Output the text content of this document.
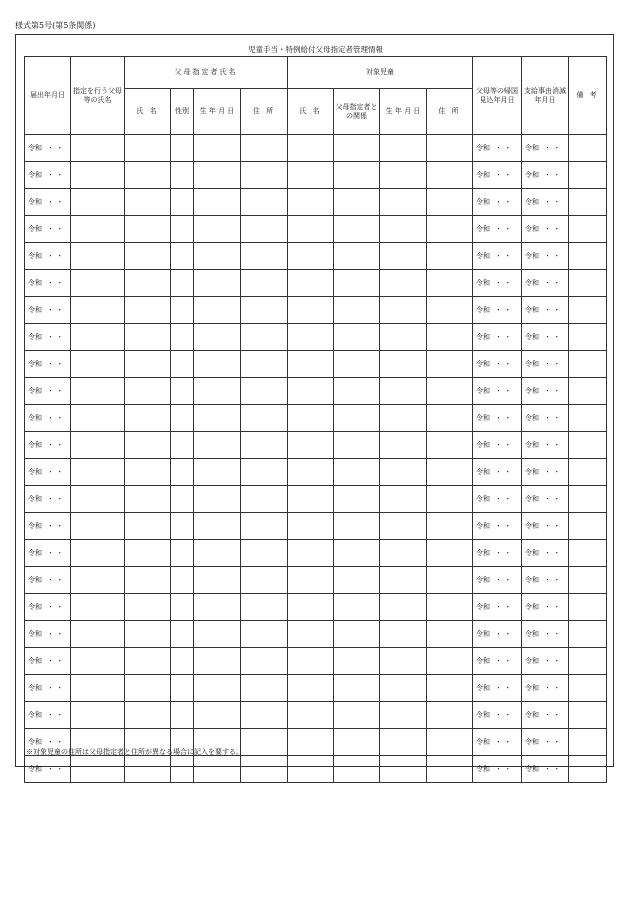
様式第5号(第5条関係)
児童手当・特例給付父母指定者管理情報												
届出年月日	指定を行う父母等の氏名	父母指定者氏名				対象児童				父母等の帰国見込年月日	支給事由消滅年月日	備 考
		氏 名	性別	生 年 月 日	住 所	氏 名	父母指定者との関係	生 年 月 日	住 所			

令和 ・ ・										令和 ・ ・	令和 ・ ・	
令和 ・ ・										令和 ・ ・	令和 ・ ・	
令和 ・ ・										令和 ・ ・	令和 ・ ・	
令和 ・ ・										令和 ・ ・	令和 ・ ・	
令和 ・ ・										令和 ・ ・	令和 ・ ・	
令和 ・ ・										令和 ・ ・	令和 ・ ・	
令和 ・ ・										令和 ・ ・	令和 ・ ・	
令和 ・ ・										令和 ・ ・	令和 ・ ・	
令和 ・ ・										令和 ・ ・	令和 ・ ・	
令和 ・ ・										令和 ・ ・	令和 ・ ・	
令和 ・ ・										令和 ・ ・	令和 ・ ・	
令和 ・ ・										令和 ・ ・	令和 ・ ・	
令和 ・ ・										令和 ・ ・	令和 ・ ・	
令和 ・ ・										令和 ・ ・	令和 ・ ・	
令和 ・ ・										令和 ・ ・	令和 ・ ・	
令和 ・ ・										令和 ・ ・	令和 ・ ・	
令和 ・ ・										令和 ・ ・	令和 ・ ・	
令和 ・ ・										令和 ・ ・	令和 ・ ・	
令和 ・ ・										令和 ・ ・	令和 ・ ・	
令和 ・ ・										令和 ・ ・	令和 ・ ・	
令和 ・ ・										令和 ・ ・	令和 ・ ・	
令和 ・ ・										令和 ・ ・	令和 ・ ・	
令和 ・ ・										令和 ・ ・	令和 ・ ・	
令和 ・ ・										令和 ・ ・	令和 ・ ・	
※対象児童の住所は父母指定者と住所が異なる場合に記入を要する。
